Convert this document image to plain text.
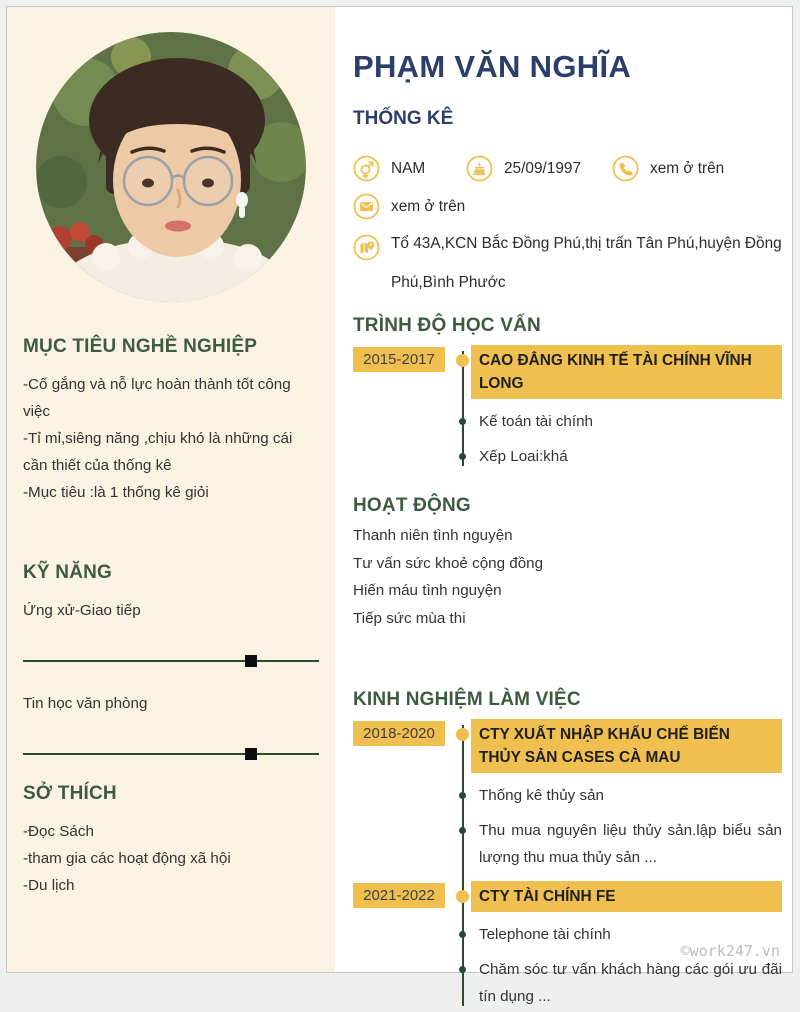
MỤC TIÊU NGHỀ NGHIỆP

-Cố gắng và nỗ lực hoàn thành tốt công việc

-Tỉ mỉ,siêng năng ,chịu khó là những cái cần thiết của thống kê

-Mục tiêu :là 1 thống kê giỏi

KỸ NĂNG
Ứng xử-Giao tiếp
Tin học văn phòng
SỞ THÍCH

-Đọc Sách

-tham gia các hoạt động xã hội

-Du lịch

PHẠM VĂN NGHĨA
THỐNG KÊ
NAM	25/09/1997	xem ở trên
xem ở trên
Tổ 43A,KCN Bắc Đồng Phú,thị trấn Tân Phú,huyện Đồng Phú,Bình Phước
TRÌNH ĐỘ HỌC VẤN
2015-2017	CAO ĐẲNG KINH TẾ TÀI CHÍNH VĨNH LONG
Kế toán tài chính
Xếp Loai:khá
HOẠT ĐỘNG
Thanh niên tình nguyện
Tư vấn sức khoẻ cộng đồng
Hiến máu tình nguyện
Tiếp sức mùa thi
KINH NGHIỆM LÀM VIỆC
2018-2020	CTY XUẤT NHẬP KHẨU CHẾ BIẾN THỦY SẢN CASES CÀ MAU
Thống kê thủy sản
Thu mua nguyên liệu thủy sản.lập biểu sản lượng thu mua thủy sản ...
2021-2022	CTY TÀI CHÍNH FE
Telephone tài chính
Chăm sóc tư vấn khách hàng các gói ưu đãi tín dụng ...
©work247.vn
